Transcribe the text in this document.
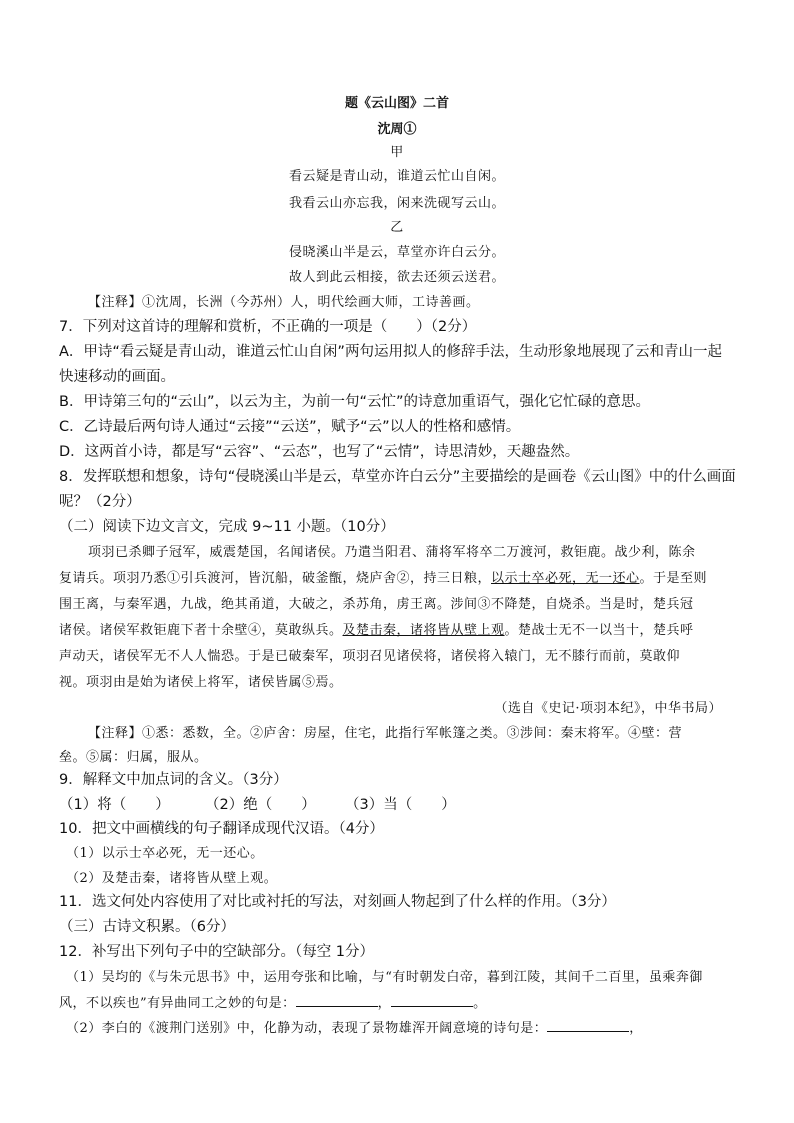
题《云山图》二首
沈周①
甲
看云疑是青山动，谁道云忙山自闲。
我看云山亦忘我，闲来洗砚写云山。
乙
侵晓溪山半是云，草堂亦许白云分。
故人到此云相接，欲去还须云送君。
【注释】①沈周，长洲（今苏州）人，明代绘画大师，工诗善画。
7．下列对这首诗的理解和赏析，不正确的一项是（　　）（2分）
A．甲诗“看云疑是青山动，谁道云忙山自闲”两句运用拟人的修辞手法，生动形象地展现了云和青山一起
快速移动的画面。
B．甲诗第三句的“云山”，以云为主，为前一句“云忙”的诗意加重语气，强化它忙碌的意思。
C．乙诗最后两句诗人通过“云接”“云送”，赋予“云”以人的性格和感情。
D．这两首小诗，都是写“云容”、“云态”，也写了“云情”，诗思清妙，天趣盎然。
8．发挥联想和想象，诗句“侵晓溪山半是云，草堂亦许白云分”主要描绘的是画卷《云山图》中的什么画面
呢？（2分）
（二）阅读下边文言文，完成 9~11 小题。（10分）
项羽已杀卿子冠军，威震楚国，名闻诸侯。乃遣当阳君、蒲将军将卒二万渡河，救钜鹿。战少利，陈余
复请兵。项羽乃悉①引兵渡河，皆沉船，破釜甑，烧庐舍②，持三日粮，以示士卒必死，无一还心。于是至则
围王离，与秦军遇，九战，绝其甬道，大破之，杀苏角，虏王离。涉间③不降楚，自烧杀。当是时，楚兵冠
诸侯。诸侯军救钜鹿下者十余壁④，莫敢纵兵。及楚击秦，诸将皆从壁上观。楚战士无不一以当十，楚兵呼
声动天，诸侯军无不人人惴恐。于是已破秦军，项羽召见诸侯将，诸侯将入辕门，无不膝行而前，莫敢仰
视。项羽由是始为诸侯上将军，诸侯皆属⑤焉。
（选自《史记·项羽本纪》，中华书局）
【注释】①悉：悉数，全。②庐舍：房屋，住宅，此指行军帐篷之类。③涉间：秦末将军。④壁：营
垒。⑤属：归属，服从。
9．解释文中加点词的含义。（3分）
（1）将（　　） （2）绝（　　） （3）当（　　）
10．把文中画横线的句子翻译成现代汉语。（4分）
（1）以示士卒必死，无一还心。
（2）及楚击秦，诸将皆从壁上观。
11．选文何处内容使用了对比或衬托的写法，对刻画人物起到了什么样的作用。（3分）
（三）古诗文积累。（6分）
12．补写出下列句子中的空缺部分。（每空 1分）
（1）吴均的《与朱元思书》中，运用夸张和比喻，与“有时朝发白帝，暮到江陵，其间千二百里，虽乘奔御
风，不以疾也”有异曲同工之妙的句是：	，	。
（2）李白的《渡荆门送别》中，化静为动，表现了景物雄浑开阔意境的诗句是：	，
